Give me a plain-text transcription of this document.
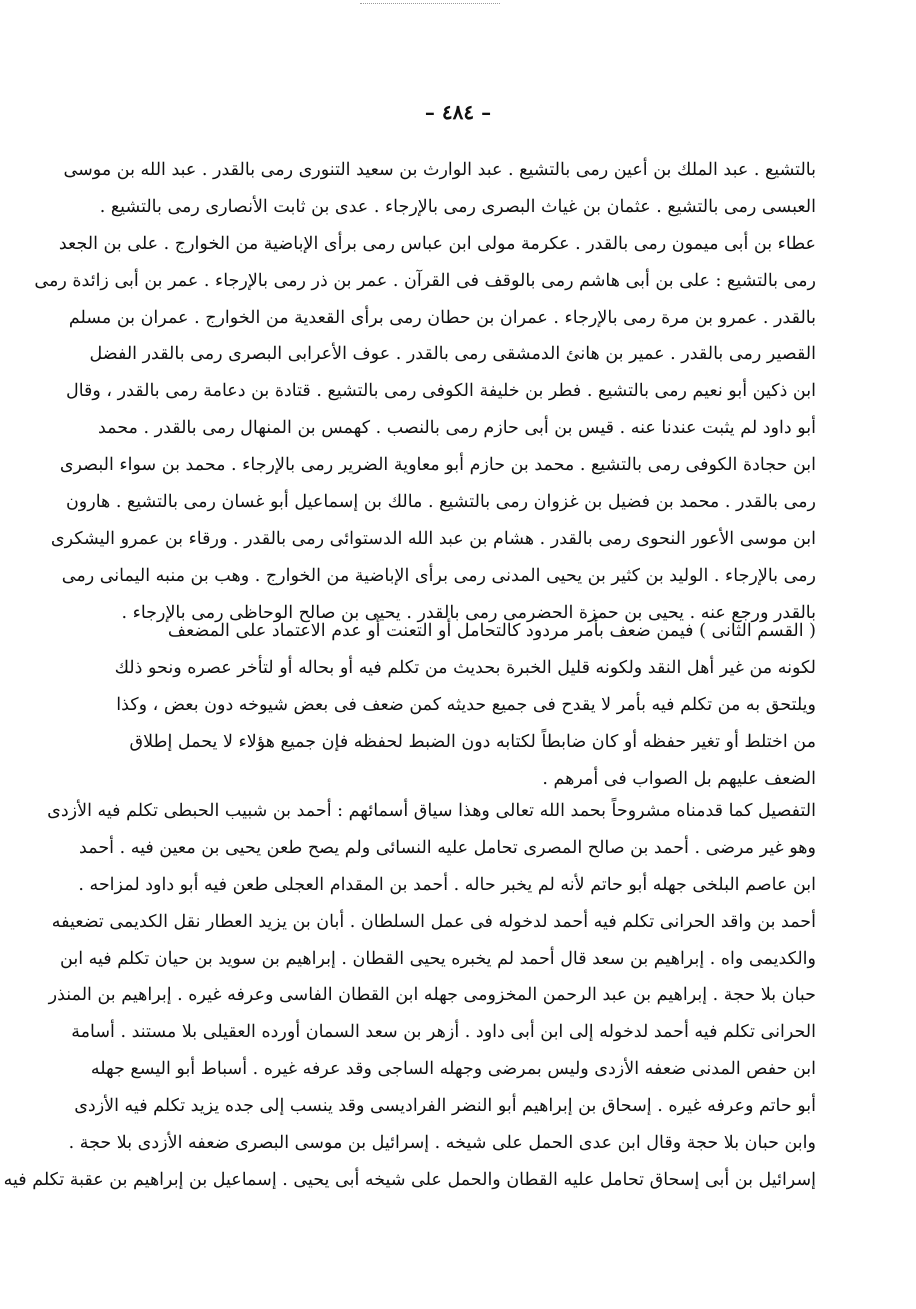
– ٤٨٤ –
بالتشيع . عبد الملك بن أعين رمى بالتشيع . عبد الوارث بن سعيد التنورى رمى بالقدر . عبد الله بن موسى
العبسى رمى بالتشيع . عثمان بن غياث البصرى رمى بالإرجاء . عدى بن ثابت الأنصارى رمى بالتشيع .
عطاء بن أبى ميمون رمى بالقدر . عكرمة مولى ابن عباس رمى برأى الإباضية من الخوارج . على بن الجعد
رمى بالتشيع : على بن أبى هاشم رمى بالوقف فى القرآن . عمر بن ذر رمى بالإرجاء . عمر بن أبى زائدة رمى
بالقدر . عمرو بن مرة رمى بالإرجاء . عمران بن حطان رمى برأى القعدية من الخوارج . عمران بن مسلم
القصير رمى بالقدر . عمير بن هانئ الدمشقى رمى بالقدر . عوف الأعرابى البصرى رمى بالقدر الفضل
ابن ذكين أبو نعيم رمى بالتشيع . فطر بن خليفة الكوفى رمى بالتشيع . قتادة بن دعامة رمى بالقدر ، وقال
أبو داود لم يثبت عندنا عنه . قيس بن أبى حازم رمى بالنصب . كهمس بن المنهال رمى بالقدر . محمد
ابن حجادة الكوفى رمى بالتشيع . محمد بن حازم أبو معاوية الضرير رمى بالإرجاء . محمد بن سواء البصرى
رمى بالقدر . محمد بن فضيل بن غزوان رمى بالتشيع . مالك بن إسماعيل أبو غسان رمى بالتشيع . هارون
ابن موسى الأعور النحوى رمى بالقدر . هشام بن عبد الله الدستوائى رمى بالقدر . ورقاء بن عمرو اليشكرى
رمى بالإرجاء . الوليد بن كثير بن يحيى المدنى رمى برأى الإباضية من الخوارج . وهب بن منبه اليمانى رمى
بالقدر ورجع عنه . يحيى بن حمزة الحضرمى رمى بالقدر . يحيى بن صالح الوحاظى رمى بالإرجاء .
( القسم الثانى ) فيمن ضعف بأمر مردود كالتحامل أو التعنت أو عدم الاعتماد على المضعف
لكونه من غير أهل النقد ولكونه قليل الخبرة بحديث من تكلم فيه أو بحاله أو لتأخر عصره ونحو ذلك
ويلتحق به من تكلم فيه بأمر لا يقدح فى جميع حديثه كمن ضعف فى بعض شيوخه دون بعض ، وكذا
من اختلط أو تغير حفظه أو كان ضابطاً لكتابه دون الضبط لحفظه فإن جميع هؤلاء لا يحمل إطلاق
الضعف عليهم بل الصواب فى أمرهم .
التفصيل كما قدمناه مشروحاً بحمد الله تعالى وهذا سياق أسمائهم : أحمد بن شبيب الحبطى تكلم فيه الأزدى
وهو غير مرضى . أحمد بن صالح المصرى تحامل عليه النسائى ولم يصح طعن يحيى بن معين فيه . أحمد
ابن عاصم البلخى جهله أبو حاتم لأنه لم يخبر حاله . أحمد بن المقدام العجلى طعن فيه أبو داود لمزاحه .
أحمد بن واقد الحرانى تكلم فيه أحمد لدخوله فى عمل السلطان . أبان بن يزيد العطار نقل الكديمى تضعيفه
والكديمى واه . إبراهيم بن سعد قال أحمد لم يخبره يحيى القطان . إبراهيم بن سويد بن حيان تكلم فيه ابن
حبان بلا حجة . إبراهيم بن عبد الرحمن المخزومى جهله ابن القطان الفاسى وعرفه غيره . إبراهيم بن المنذر
الحرانى تكلم فيه أحمد لدخوله إلى ابن أبى داود . أزهر بن سعد السمان أورده العقيلى بلا مستند . أسامة
ابن حفص المدنى ضعفه الأزدى وليس بمرضى وجهله الساجى وقد عرفه غيره . أسباط أبو اليسع جهله
أبو حاتم وعرفه غيره . إسحاق بن إبراهيم أبو النضر الفراديسى وقد ينسب إلى جده يزيد تكلم فيه الأزدى
وابن حبان بلا حجة وقال ابن عدى الحمل على شيخه . إسرائيل بن موسى البصرى ضعفه الأزدى بلا حجة .
إسرائيل بن أبى إسحاق تحامل عليه القطان والحمل على شيخه أبى يحيى . إسماعيل بن إبراهيم بن عقبة تكلم فيه
